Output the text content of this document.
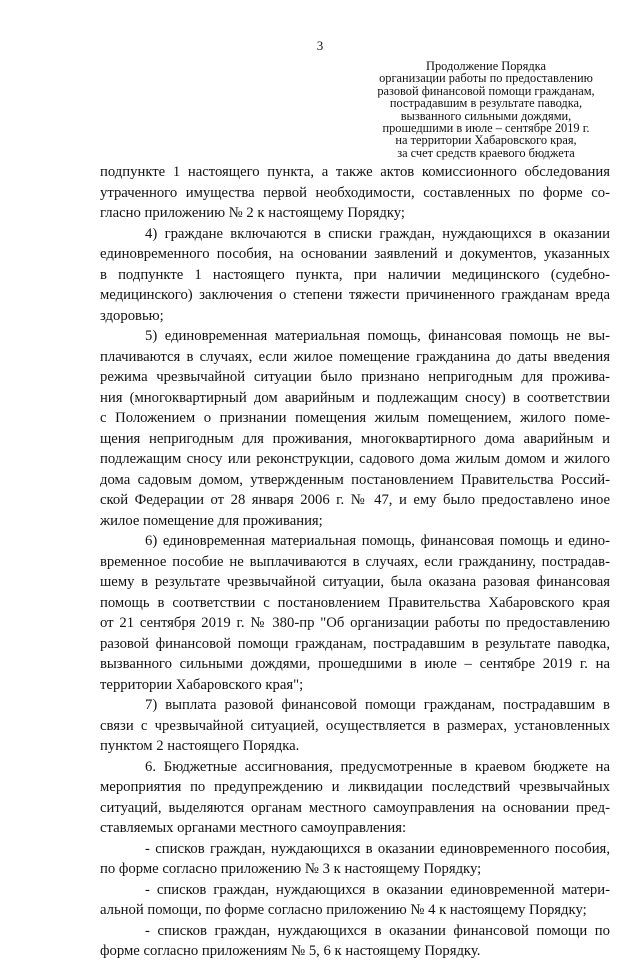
3
Продолжение Порядка
организации работы по предоставлению
разовой финансовой помощи гражданам,
пострадавшим в результате паводка,
вызванного сильными дождями,
прошедшими в июле – сентябре 2019 г.
на территории Хабаровского края,
за счет средств краевого бюджета
подпункте 1 настоящего пункта, а также актов комиссионного обследования
утраченного имущества первой необходимости, составленных по форме со-
гласно приложению № 2 к настоящему Порядку;
4) граждане включаются в списки граждан, нуждающихся в оказании
единовременного пособия, на основании заявлений и документов, указанных
в подпункте 1 настоящего пункта, при наличии медицинского (судебно-
медицинского) заключения о степени тяжести причиненного гражданам вреда
здоровью;
5) единовременная материальная помощь, финансовая помощь не вы-
плачиваются в случаях, если жилое помещение гражданина до даты введения
режима чрезвычайной ситуации было признано непригодным для прожива-
ния (многоквартирный дом аварийным и подлежащим сносу) в соответствии
с Положением о признании помещения жилым помещением, жилого поме-
щения непригодным для проживания, многоквартирного дома аварийным и
подлежащим сносу или реконструкции, садового дома жилым домом и жилого
дома садовым домом, утвержденным постановлением Правительства Россий-
ской Федерации от 28 января 2006 г. № 47, и ему было предоставлено иное
жилое помещение для проживания;
6) единовременная материальная помощь, финансовая помощь и едино-
временное пособие не выплачиваются в случаях, если гражданину, пострадав-
шему в результате чрезвычайной ситуации, была оказана разовая финансовая
помощь в соответствии с постановлением Правительства Хабаровского края
от 21 сентября 2019 г. № 380-пр "Об организации работы по предоставлению
разовой финансовой помощи гражданам, пострадавшим в результате паводка,
вызванного сильными дождями, прошедшими в июле – сентябре 2019 г. на
территории Хабаровского края";
7) выплата разовой финансовой помощи гражданам, пострадавшим в
связи с чрезвычайной ситуацией, осуществляется в размерах, установленных
пунктом 2 настоящего Порядка.
6. Бюджетные ассигнования, предусмотренные в краевом бюджете на
мероприятия по предупреждению и ликвидации последствий чрезвычайных
ситуаций, выделяются органам местного самоуправления на основании пред-
ставляемых органами местного самоуправления:
- списков граждан, нуждающихся в оказании единовременного пособия,
по форме согласно приложению № 3 к настоящему Порядку;
- списков граждан, нуждающихся в оказании единовременной матери-
альной помощи, по форме согласно приложению № 4 к настоящему Порядку;
- списков граждан, нуждающихся в оказании финансовой помощи по
форме согласно приложениям № 5, 6 к настоящему Порядку.
